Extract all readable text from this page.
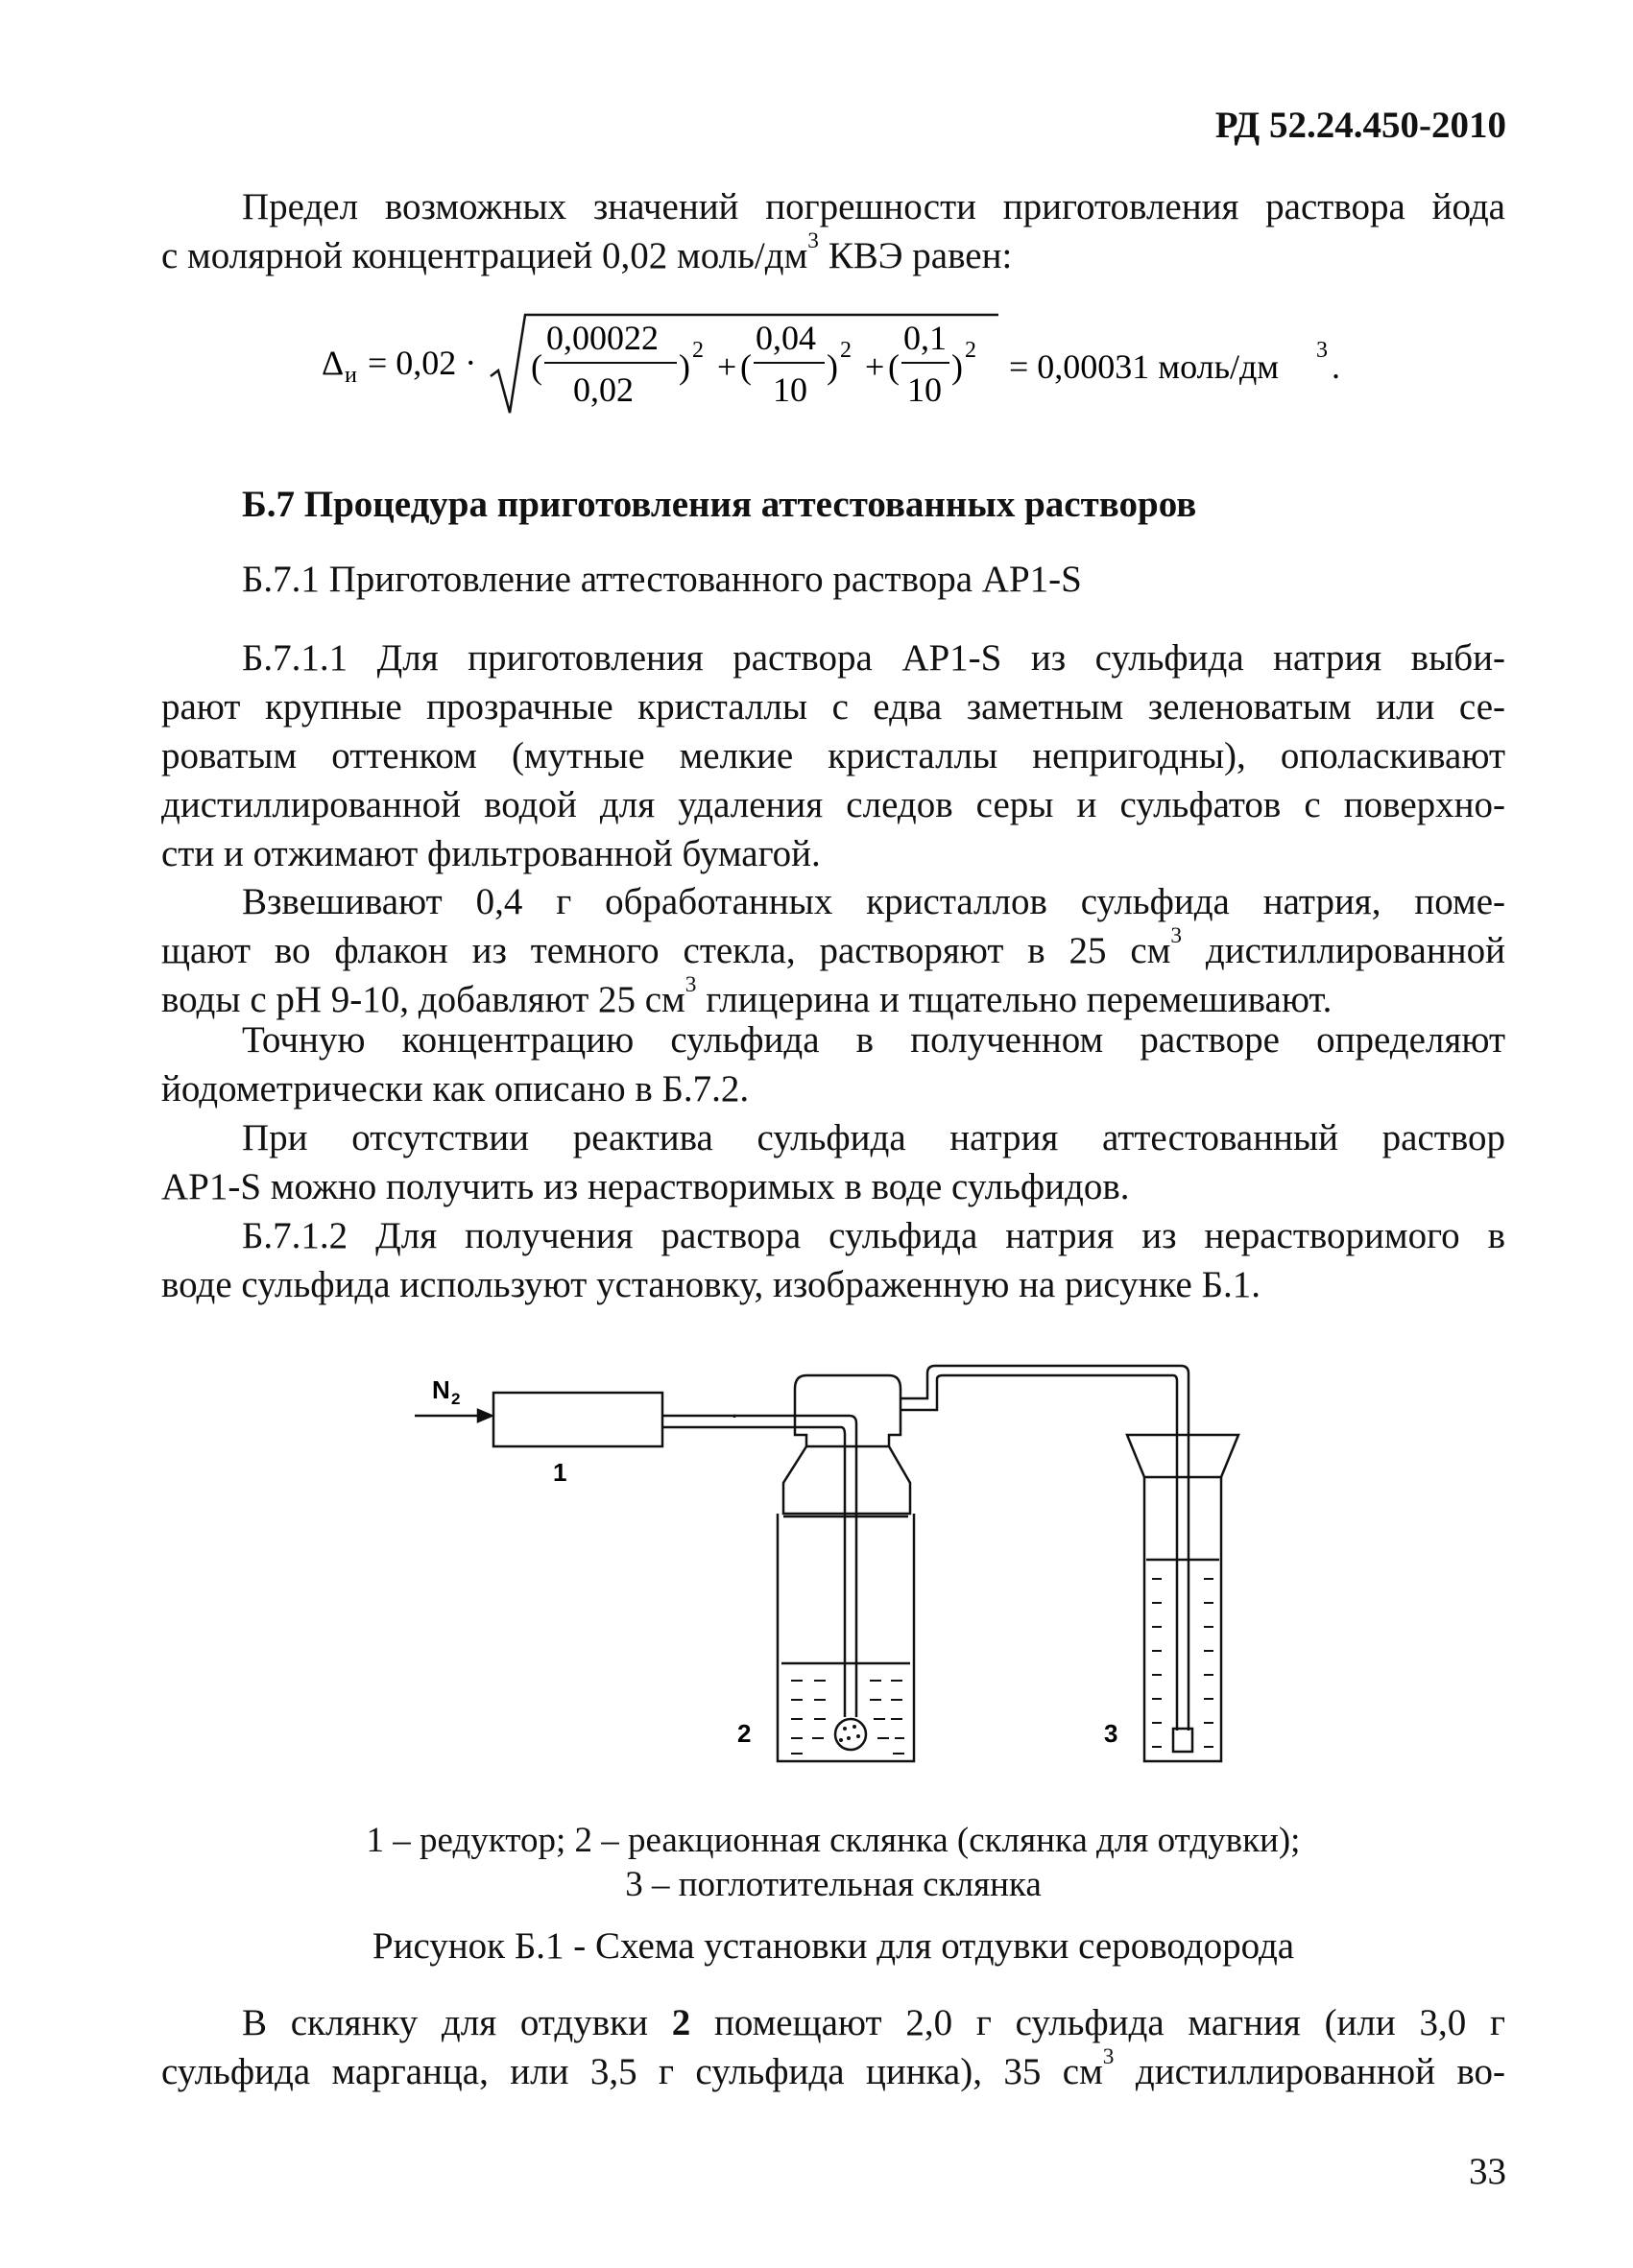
РД 52.24.450-2010
Предел возможных значений погрешности приготовления раствора йода
с молярной концентрацией 0,02 моль/$дм^3$ КВЭ равен:
Δ и = 0,02 · (
0,00022
0,02
) 2 + (
0,04
10
) 2 + (
0,1
10
) 2 = 0,00031 моль/дм 3 .
Б.7 Процедура приготовления аттестованных растворов
Б.7.1 Приготовление аттестованного раствора AP1-S
Б.7.1.1 Для приготовления раствора AP1-S из сульфида натрия выби-
рают крупные прозрачные кристаллы с едва заметным зеленоватым или се-
роватым оттенком (мутные мелкие кристаллы непригодны), ополаскивают
дистиллированной водой для удаления следов серы и сульфатов с поверхно-
сти и отжимают фильтрованной бумагой.
Взвешивают 0,4 г обработанных кристаллов сульфида натрия, поме-
щают во флакон из темного стекла, растворяют в 25 $см^3$ дистиллированной
воды с pH 9-10, добавляют 25 $см^3$ глицерина и тщательно перемешивают.
Точную концентрацию сульфида в полученном растворе определяют
йодометрически как описано в Б.7.2.
При отсутствии реактива сульфида натрия аттестованный раствор
AP1-S можно получить из нерастворимых в воде сульфидов.
Б.7.1.2 Для получения раствора сульфида натрия из нерастворимого в
воде сульфида используют установку, изображенную на рисунке Б.1.
N 2
1
2	3
1 – редуктор; 2 – реакционная склянка (склянка для отдувки);
3 – поглотительная склянка
Рисунок Б.1 - Схема установки для отдувки сероводорода
В склянку для отдувки 2 помещают 2,0 г сульфида магния (или 3,0 г
сульфида марганца, или 3,5 г сульфида цинка), 35 $см^3$ дистиллированной во-
33
